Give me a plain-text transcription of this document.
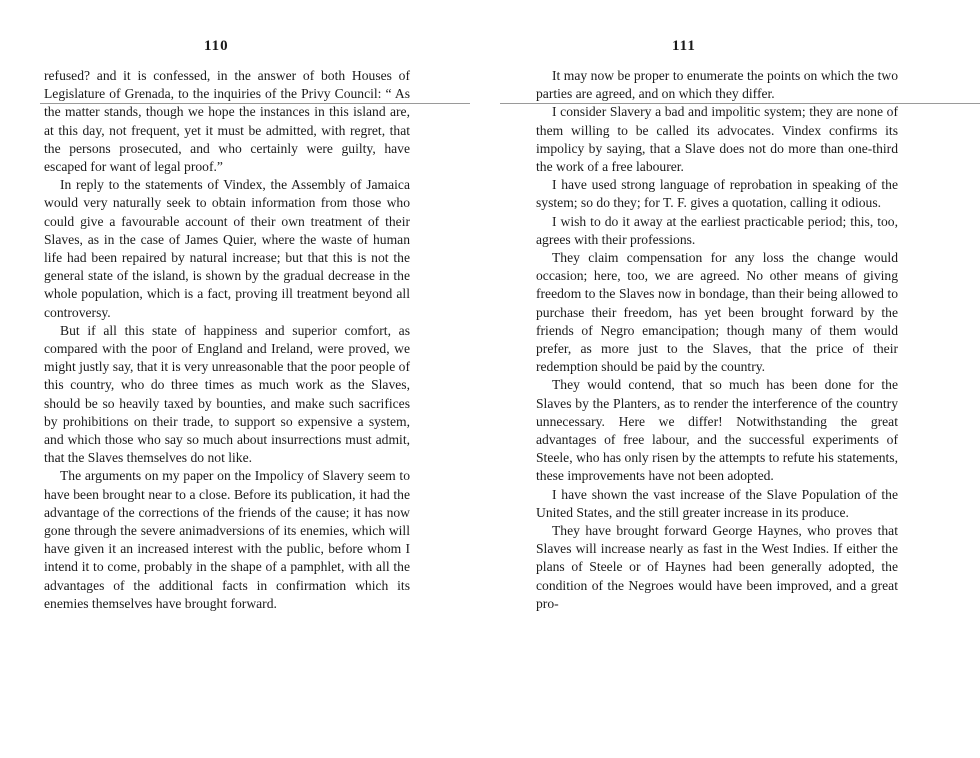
110

refused? and it is confessed, in the answer of both Houses of Legislature of Grenada, to the inquiries of the Privy Council: “ As the matter stands, though we hope the instances in this island are, at this day, not frequent, yet it must be admitted, with regret, that the persons prosecuted, and who certainly were guilty, have escaped for want of legal proof.”

In reply to the statements of Vindex, the Assembly of Jamaica would very naturally seek to obtain information from those who could give a favourable account of their own treatment of their Slaves, as in the case of James Quier, where the waste of human life had been repaired by natural increase; but that this is not the general state of the island, is shown by the gradual decrease in the whole population, which is a fact, proving ill treatment beyond all controversy.

But if all this state of happiness and superior comfort, as compared with the poor of England and Ireland, were proved, we might justly say, that it is very unreasonable that the poor people of this country, who do three times as much work as the Slaves, should be so heavily taxed by bounties, and make such sacrifices by prohibitions on their trade, to support so expensive a system, and which those who say so much about insurrections must admit, that the Slaves themselves do not like.

The arguments on my paper on the Impolicy of Slavery seem to have been brought near to a close. Before its publication, it had the advantage of the corrections of the friends of the cause; it has now gone through the severe animadversions of its enemies, which will have given it an increased interest with the public, before whom I intend it to come, probably in the shape of a pamphlet, with all the advantages of the additional facts in confirmation which its enemies themselves have brought forward.

111

It may now be proper to enumerate the points on which the two parties are agreed, and on which they differ.

I consider Slavery a bad and impolitic system; they are none of them willing to be called its advocates. Vindex confirms its impolicy by saying, that a Slave does not do more than one-third the work of a free labourer.

I have used strong language of reprobation in speaking of the system; so do they; for T. F. gives a quotation, calling it odious.

I wish to do it away at the earliest practicable period; this, too, agrees with their professions.

They claim compensation for any loss the change would occasion; here, too, we are agreed. No other means of giving freedom to the Slaves now in bondage, than their being allowed to purchase their freedom, has yet been brought forward by the friends of Negro emancipation; though many of them would prefer, as more just to the Slaves, that the price of their redemption should be paid by the country.

They would contend, that so much has been done for the Slaves by the Planters, as to render the interference of the country unnecessary. Here we differ! Notwithstanding the great advantages of free labour, and the successful experiments of Steele, who has only risen by the attempts to refute his statements, these improvements have not been adopted.

I have shown the vast increase of the Slave Population of the United States, and the still greater increase in its produce.

They have brought forward George Haynes, who proves that Slaves will increase nearly as fast in the West Indies. If either the plans of Steele or of Haynes had been generally adopted, the condition of the Negroes would have been improved, and a great pro-
